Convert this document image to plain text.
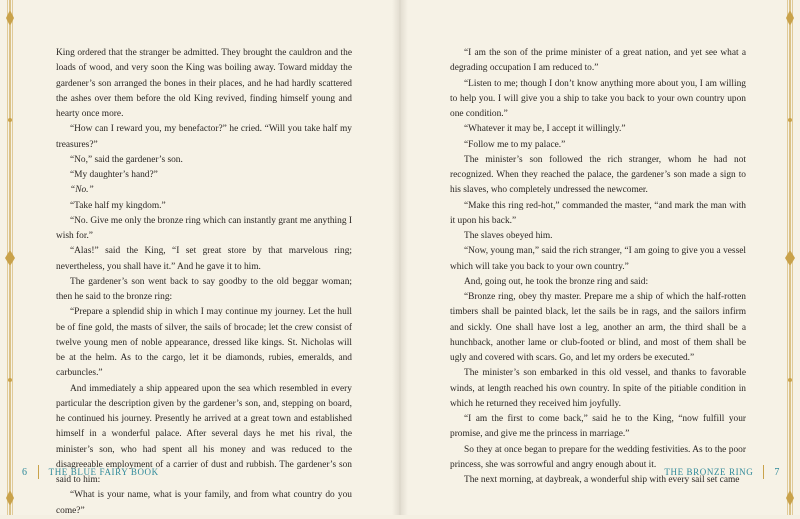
King ordered that the stranger be admitted. They brought the cauldron and the loads of wood, and very soon the King was boiling away. Toward midday the gardener’s son arranged the bones in their places, and he had hardly scattered the ashes over them before the old King revived, finding himself young and hearty once more.

“How can I reward you, my benefactor?” he cried. “Will you take half my treasures?”

“No,” said the gardener’s son.

“My daughter’s hand?”

“No.”

“Take half my kingdom.”

“No. Give me only the bronze ring which can instantly grant me anything I wish for.”

“Alas!” said the King, “I set great store by that marvelous ring; nevertheless, you shall have it.” And he gave it to him.

The gardener’s son went back to say goodby to the old beggar woman; then he said to the bronze ring:

“Prepare a splendid ship in which I may continue my journey. Let the hull be of fine gold, the masts of silver, the sails of brocade; let the crew consist of twelve young men of noble appearance, dressed like kings. St. Nicholas will be at the helm. As to the cargo, let it be diamonds, rubies, emeralds, and carbuncles.”

And immediately a ship appeared upon the sea which resembled in every particular the description given by the gardener’s son, and, stepping on board, he continued his journey. Presently he arrived at a great town and established himself in a wonderful palace. After several days he met his rival, the minister’s son, who had spent all his money and was reduced to the disagreeable employment of a carrier of dust and rubbish. The gardener’s son said to him:

“What is your name, what is your family, and from what country do you come?”

6 THE BLUE FAIRY BOOK

“I am the son of the prime minister of a great nation, and yet see what a degrading occupation I am reduced to.”

“Listen to me; though I don’t know anything more about you, I am willing to help you. I will give you a ship to take you back to your own country upon one condition.”

“Whatever it may be, I accept it willingly.”

“Follow me to my palace.”

The minister’s son followed the rich stranger, whom he had not recognized. When they reached the palace, the gardener’s son made a sign to his slaves, who completely undressed the newcomer.

“Make this ring red-hot,” commanded the master, “and mark the man with it upon his back.”

The slaves obeyed him.

“Now, young man,” said the rich stranger, “I am going to give you a vessel which will take you back to your own country.”

And, going out, he took the bronze ring and said:

“Bronze ring, obey thy master. Prepare me a ship of which the half-rotten timbers shall be painted black, let the sails be in rags, and the sailors infirm and sickly. One shall have lost a leg, another an arm, the third shall be a hunchback, another lame or club-footed or blind, and most of them shall be ugly and covered with scars. Go, and let my orders be executed.”

The minister’s son embarked in this old vessel, and thanks to favorable winds, at length reached his own country. In spite of the pitiable condition in which he returned they received him joyfully.

“I am the first to come back,” said he to the King, “now fulfill your promise, and give me the princess in marriage.”

So they at once began to prepare for the wedding festivities. As to the poor princess, she was sorrowful and angry enough about it.

The next morning, at daybreak, a wonderful ship with every sail set came

THE BRONZE RING 7
